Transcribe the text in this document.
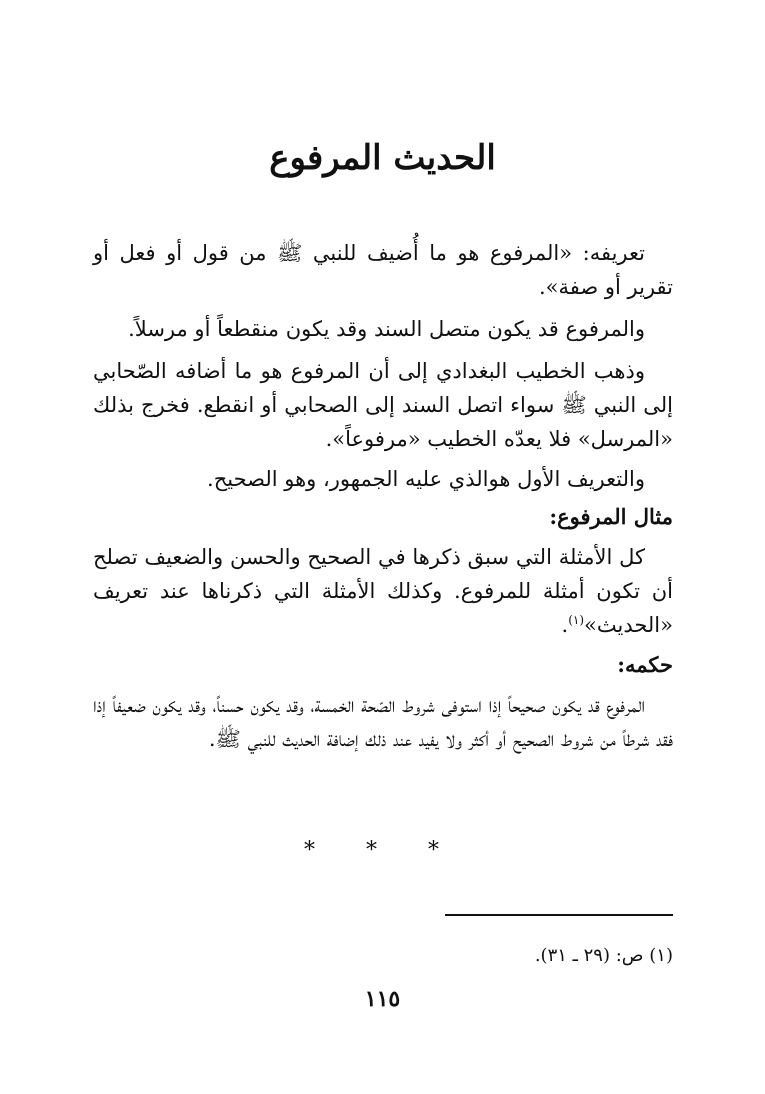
الحديث المرفوع

تعريفه: «المرفوع هو ما أُضيف للنبي ﷺ من قول أو فعل أو تقرير أو صفة».

والمرفوع قد يكون متصل السند وقد يكون منقطعاً أو مرسلاً.

وذهب الخطيب البغدادي إلى أن المرفوع هو ما أضافه الصّحابي إلى النبي ﷺ سواء اتصل السند إلى الصحابي أو انقطع. فخرج بذلك «المرسل» فلا يعدّه الخطيب «مرفوعاً».

والتعريف الأول هوالذي عليه الجمهور، وهو الصحيح.

مثال المرفوع:

كل الأمثلة التي سبق ذكرها في الصحيح والحسن والضعيف تصلح أن تكون أمثلة للمرفوع. وكذلك الأمثلة التي ذكرناها عند تعريف «الحديث»$^{(١)}$.

حكمه:

المرفوع قد يكون صحيحاً إذا استوفى شروط الصّحة الخمسة، وقد يكون حسناً، وقد يكون ضعيفاً إذا فقد شرطاً من شروط الصحيح أو أكثر ولا يفيد عند ذلك إضافة الحديث للنبي ﷺ.

* * *
(١) ص: (٢٩ ـ ٣١).
١١٥
